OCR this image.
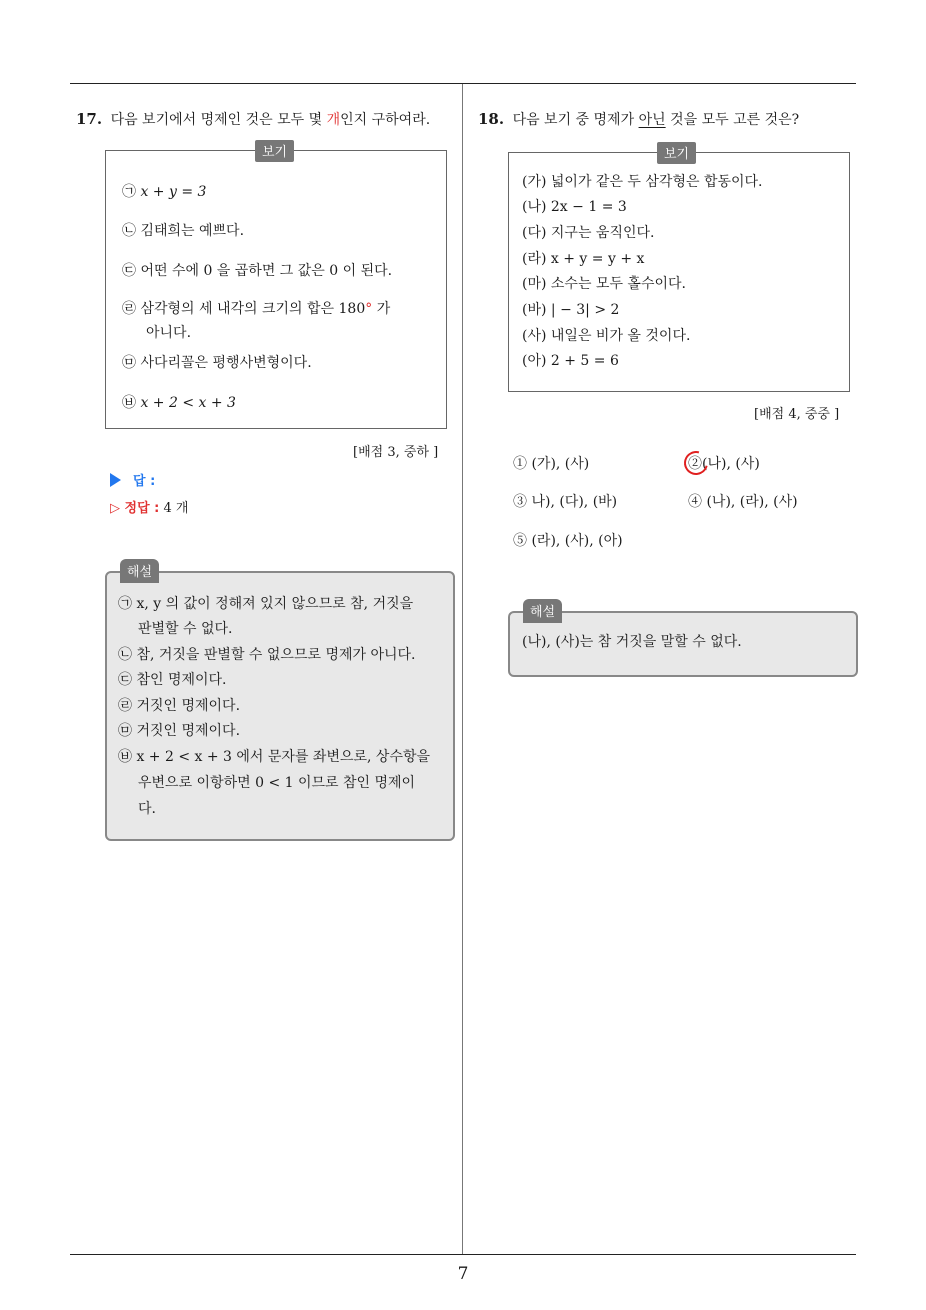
7
17. 다음 보기에서 명제인 것은 모두 몇 개인지 구하여라.
보기
㉠ x + y = 3
㉡ 김태희는 예쁘다.
㉢ 어떤 수에 0 을 곱하면 그 값은 0 이 된다.
㉣ 삼각형의 세 내각의 크기의 합은 180° 가
아니다.
㉤ 사다리꼴은 평행사변형이다.
㉥ x + 2 < x + 3
[배점 3, 중하 ]
답 :
▷ 정답 : 4 개
해설
㉠ x, y 의 값이 정해져 있지 않으므로 참, 거짓을
판별할 수 없다.
㉡ 참, 거짓을 판별할 수 없으므로 명제가 아니다.
㉢ 참인 명제이다.
㉣ 거짓인 명제이다.
㉤ 거짓인 명제이다.
㉥ x + 2 < x + 3 에서 문자를 좌변으로, 상수항을
우변으로 이항하면 0 < 1 이므로 참인 명제이
다.
18. 다음 보기 중 명제가 아닌 것을 모두 고른 것은?
보기
(가) 넓이가 같은 두 삼각형은 합동이다.
(나) 2x − 1 = 3
(다) 지구는 움직인다.
(라) x + y = y + x
(마) 소수는 모두 홀수이다.
(바) | − 3| > 2
(사) 내일은 비가 올 것이다.
(아) 2 + 5 = 6
[배점 4, 중중 ]
① (가), (사)	②(나), (사)
③ 나), (다), (바)	④ (나), (라), (사)
⑤ (라), (사), (아)
해설
(나), (사)는 참 거짓을 말할 수 없다.
